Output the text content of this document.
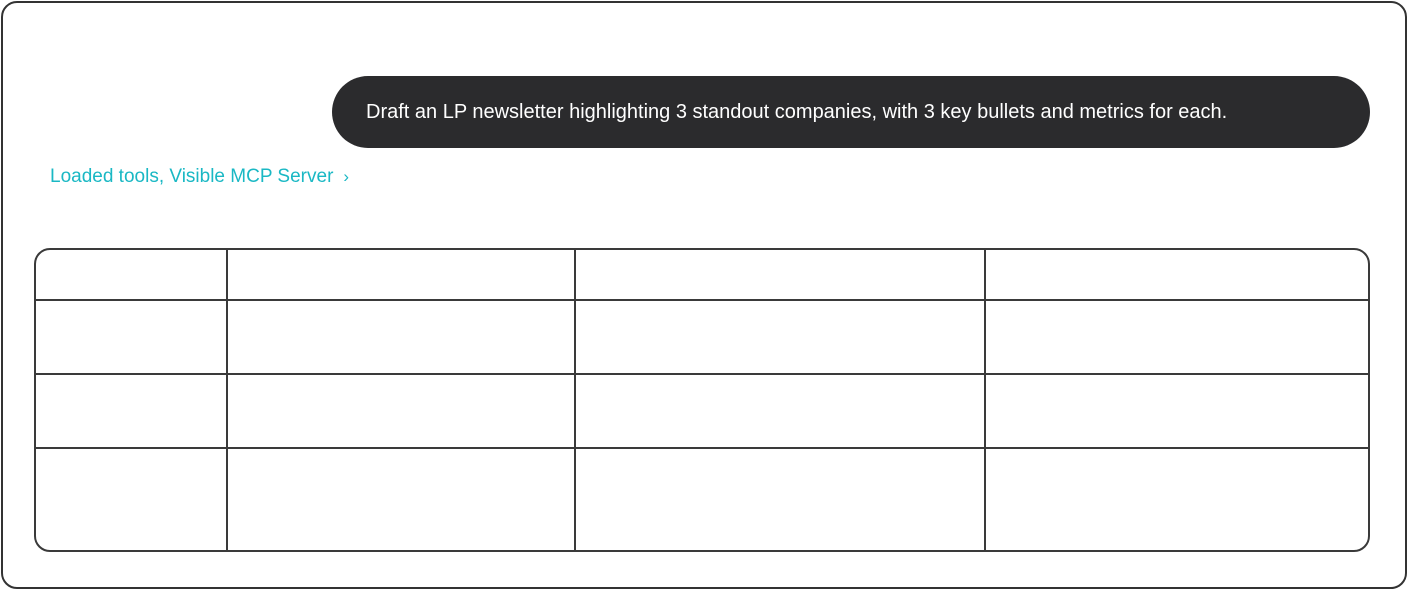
Draft an LP newsletter highlighting 3 standout companies, with 3 key bullets and metrics for each.
Loaded tools, Visible MCP Server ›
